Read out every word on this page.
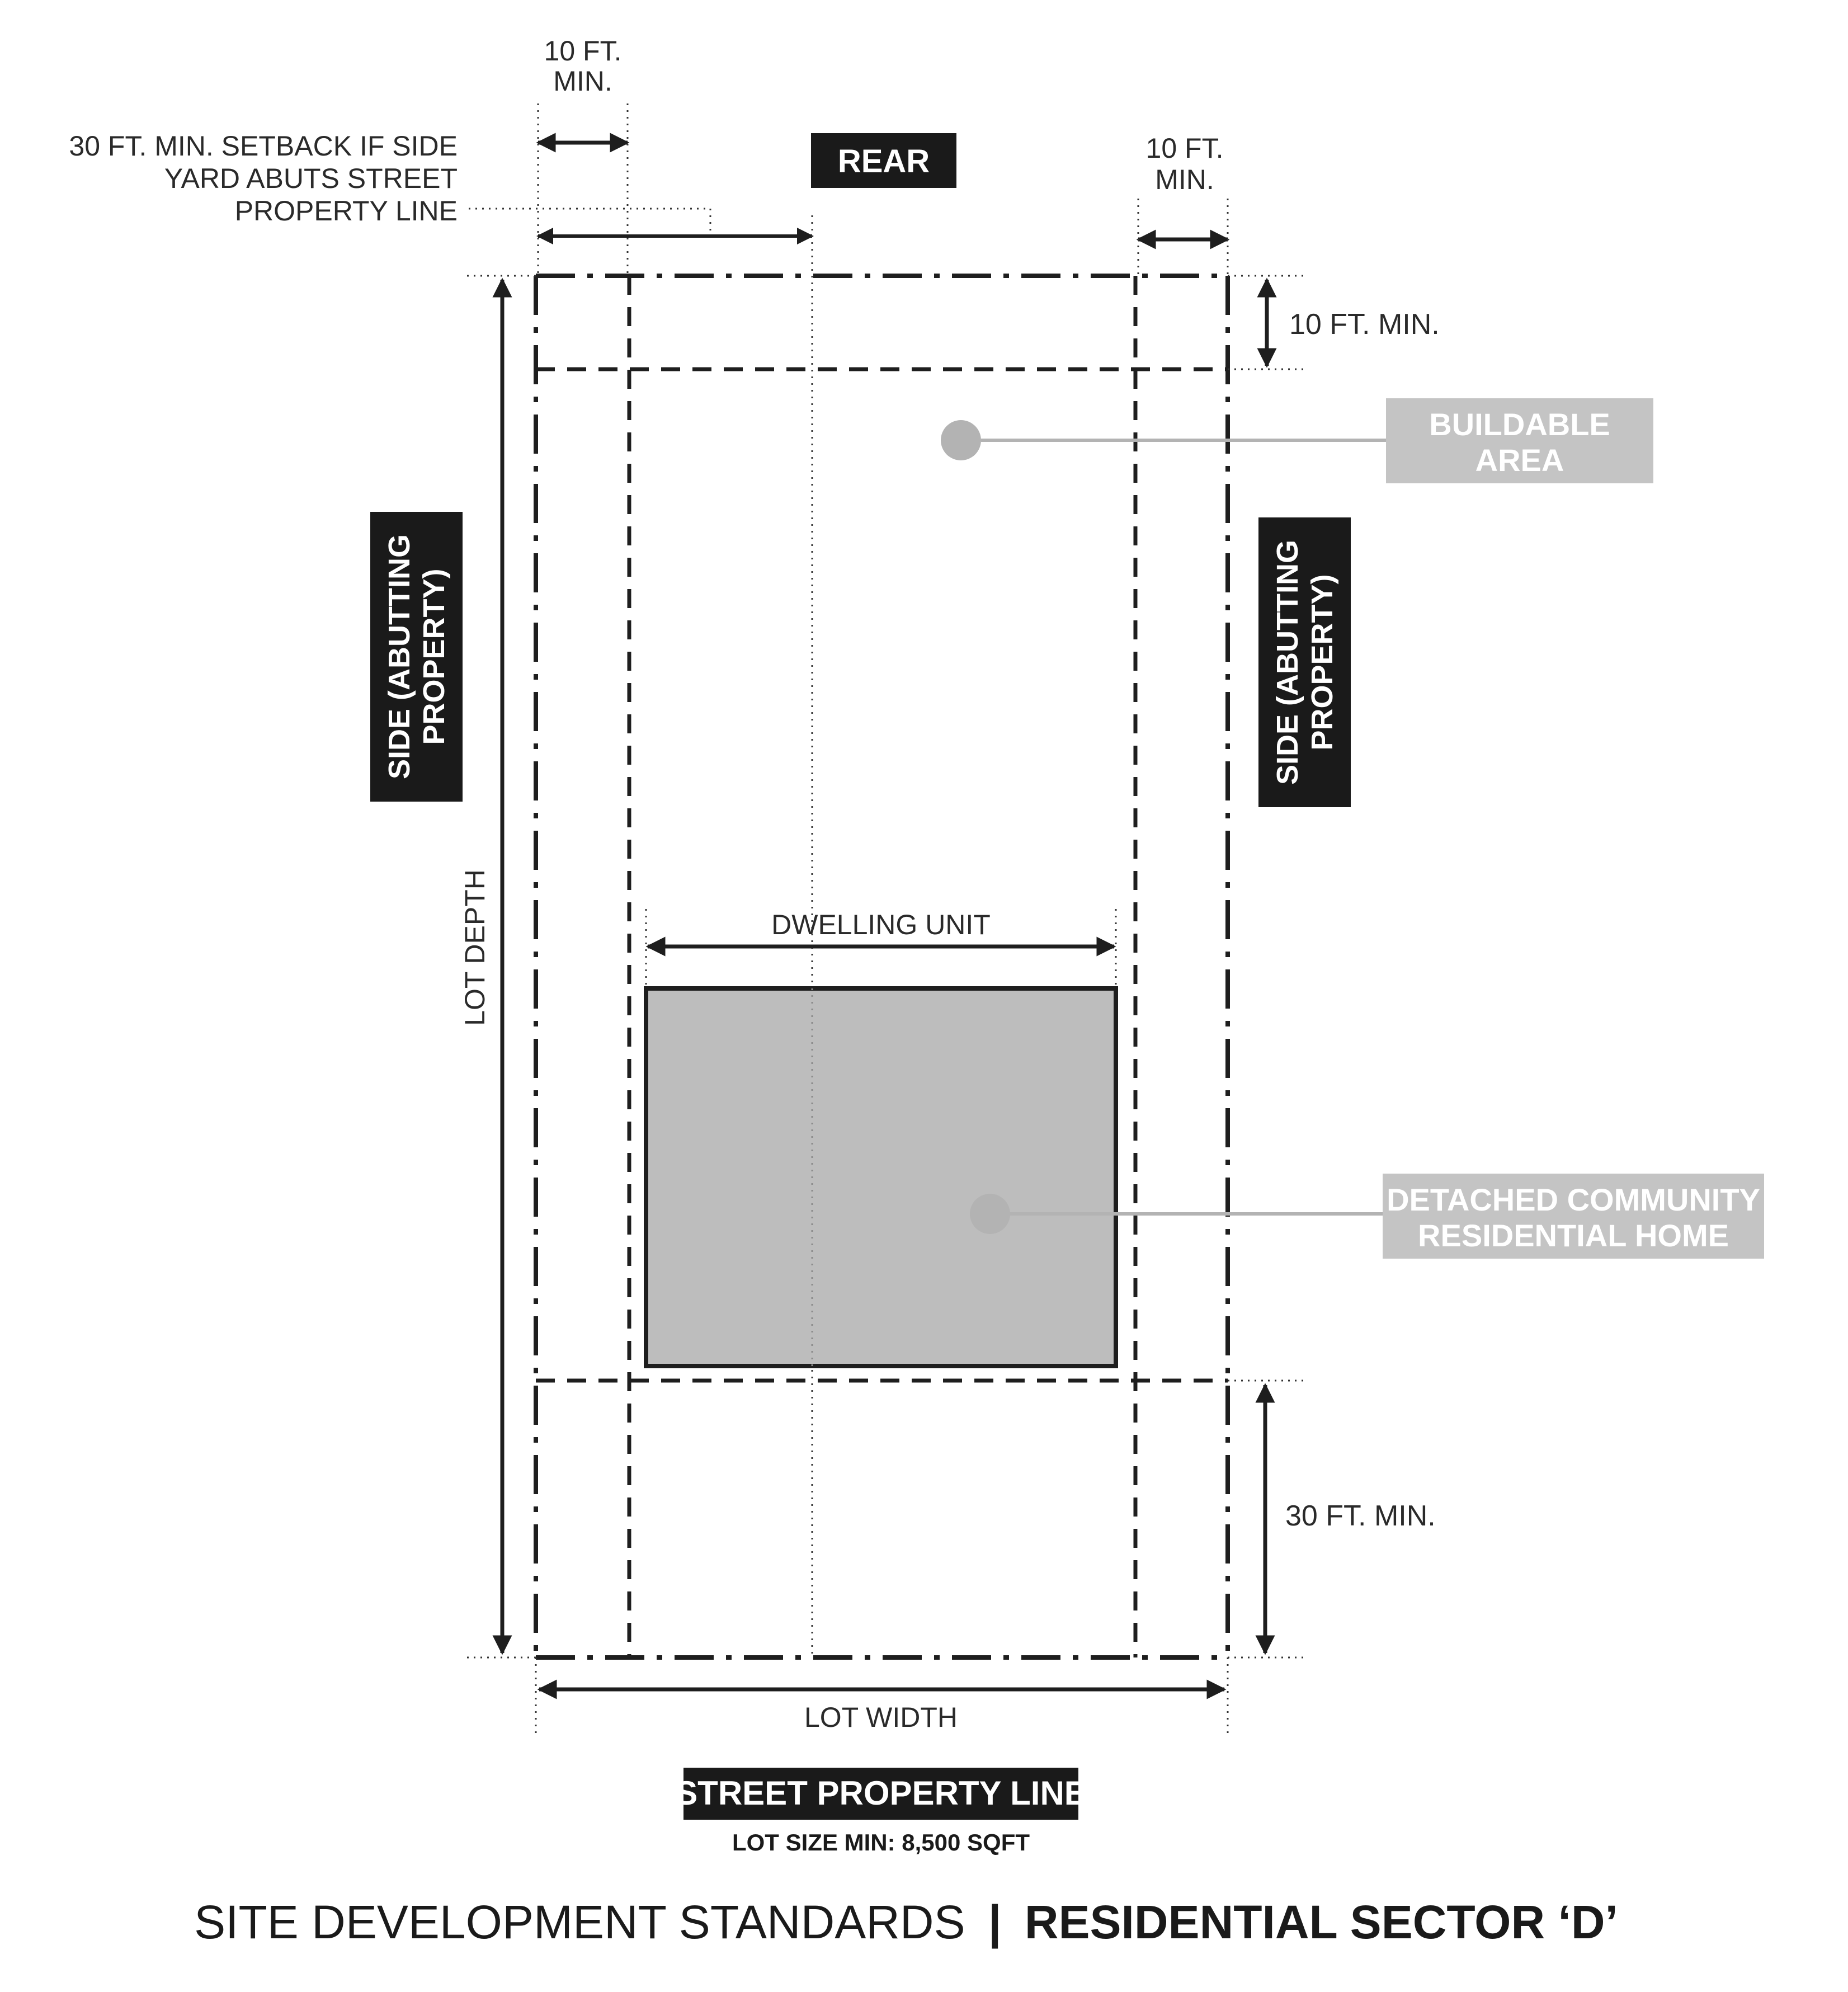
10 FT.
MIN.
30 FT. MIN. SETBACK IF SIDE
YARD ABUTS STREET
PROPERTY LINE
REAR	10 FT.
MIN.
10 FT. MIN.
BUILDABLE
AREA
SIDE (ABUTTING PROPERTY)	SIDE (ABUTTING PROPERTY)
LOT DEPTH	DWELLING UNIT
DETACHED COMMUNITY
RESIDENTIAL HOME
30 FT. MIN.
LOT WIDTH
STREET PROPERTY LINE
LOT SIZE MIN: 8,500 SQFT
SITE DEVELOPMENT STANDARDS | RESIDENTIAL SECTOR ‘D’
